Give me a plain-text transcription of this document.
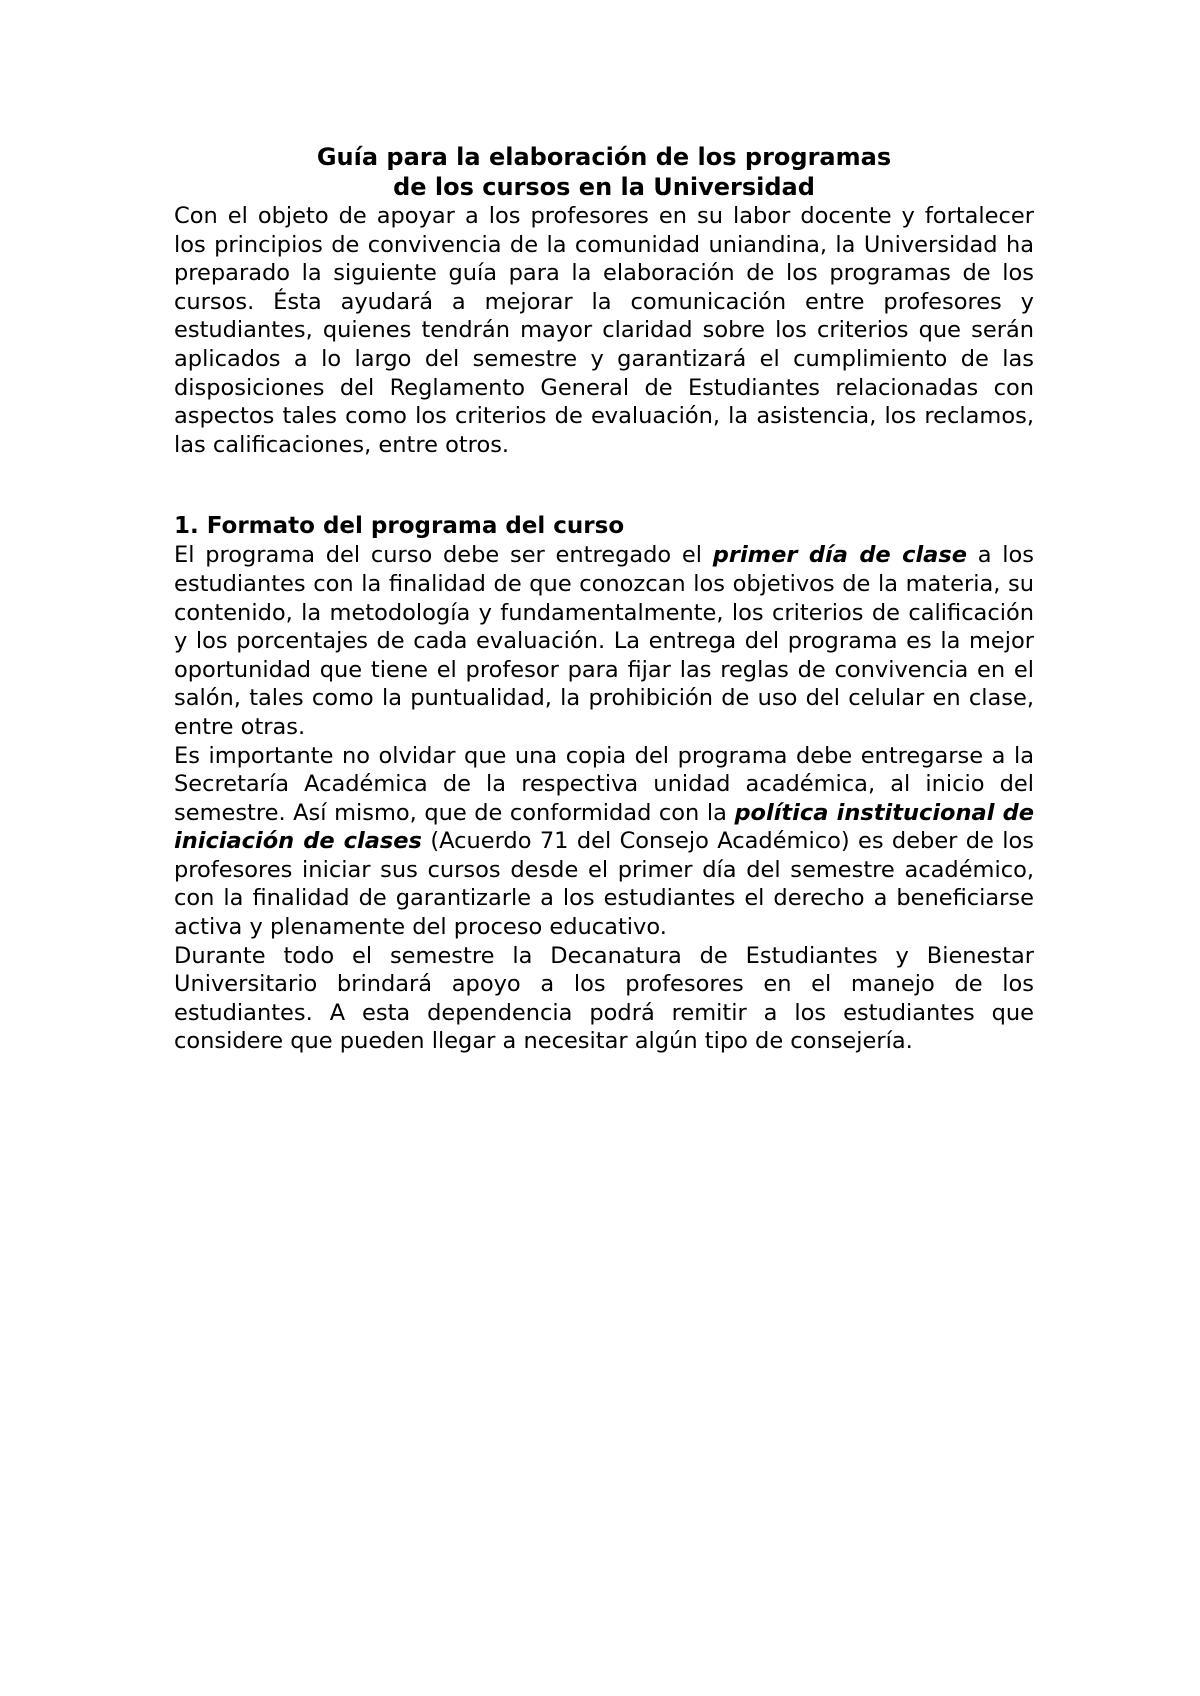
Guía para la elaboración de los programas
de los cursos en la Universidad

Con el objeto de apoyar a los profesores en su labor docente y fortalecer los principios de convivencia de la comunidad uniandina, la Universidad ha preparado la siguiente guía para la elaboración de los programas de los cursos. Ésta ayudará a mejorar la comunicación entre profesores y estudiantes, quienes tendrán mayor claridad sobre los criterios que serán aplicados a lo largo del semestre y garantizará el cumplimiento de las disposiciones del Reglamento General de Estudiantes relacionadas con aspectos tales como los criterios de evaluación, la asistencia, los reclamos, las calificaciones, entre otros.

1. Formato del programa del curso

El programa del curso debe ser entregado el primer día de clase a los estudiantes con la finalidad de que conozcan los objetivos de la materia, su contenido, la metodología y fundamentalmente, los criterios de calificación y los porcentajes de cada evaluación. La entrega del programa es la mejor oportunidad que tiene el profesor para fijar las reglas de convivencia en el salón, tales como la puntualidad, la prohibición de uso del celular en clase, entre otras.

Es importante no olvidar que una copia del programa debe entregarse a la Secretaría Académica de la respectiva unidad académica, al inicio del semestre. Así mismo, que de conformidad con la política institucional de iniciación de clases (Acuerdo 71 del Consejo Académico) es deber de los profesores iniciar sus cursos desde el primer día del semestre académico, con la finalidad de garantizarle a los estudiantes el derecho a beneficiarse activa y plenamente del proceso educativo.

Durante todo el semestre la Decanatura de Estudiantes y Bienestar Universitario brindará apoyo a los profesores en el manejo de los estudiantes. A esta dependencia podrá remitir a los estudiantes que considere que pueden llegar a necesitar algún tipo de consejería.
